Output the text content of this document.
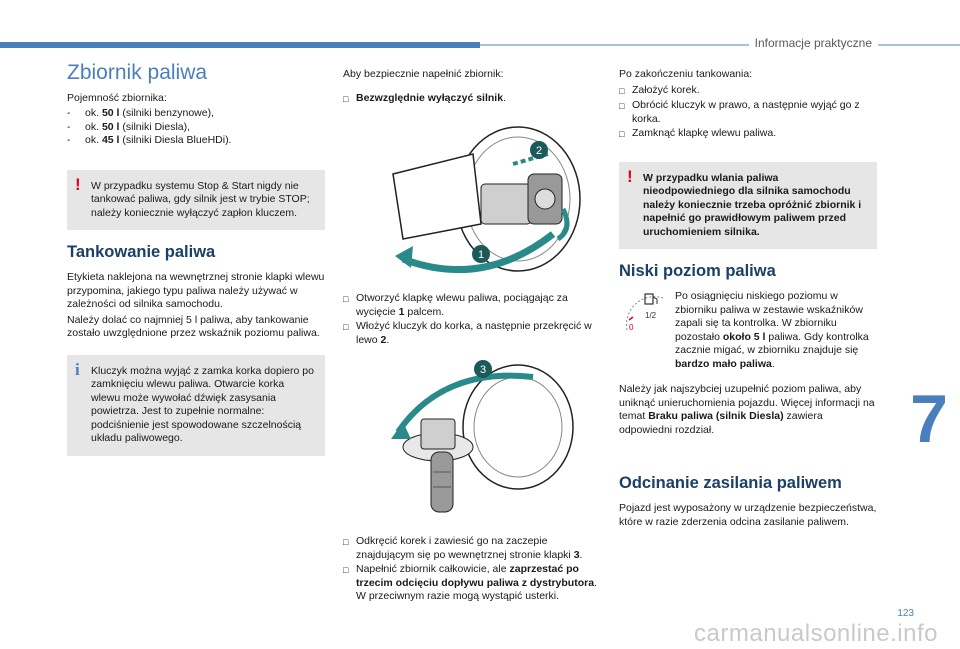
Informacje praktyczne
Zbiornik paliwa
Pojemność zbiornika:
-	ok. 50 l (silniki benzynowe),
-	ok. 50 l (silniki Diesla),
-	ok. 45 l (silniki Diesla BlueHDi).
! W przypadku systemu Stop & Start nigdy nie tankować paliwa, gdy silnik jest w trybie STOP; należy koniecznie wyłączyć zapłon kluczem.
Tankowanie paliwa
Etykieta naklejona na wewnętrznej stronie klapki wlewu przypomina, jakiego typu paliwa należy używać w zależności od silnika samochodu.
Należy dolać co najmniej 5 l paliwa, aby tankowanie zostało uwzględnione przez wskaźnik poziomu paliwa.
i Kluczyk można wyjąć z zamka korka dopiero po zamknięciu wlewu paliwa. Otwarcie korka wlewu może wywołać dźwięk zasysania powietrza. Jest to zupełnie normalne: podciśnienie jest spowodowane szczelnością układu paliwowego.
Aby bezpiecznie napełnić zbiornik:
□ Bezwzględnie wyłączyć silnik.
1
2
□ Otworzyć klapkę wlewu paliwa, pociągając za wycięcie 1 palcem.
□ Włożyć kluczyk do korka, a następnie przekręcić w lewo 2.
3
□ Odkręcić korek i zawiesić go na zaczepie znajdującym się po wewnętrznej stronie klapki 3.
□ Napełnić zbiornik całkowicie, ale zaprzestać po trzecim odcięciu dopływu paliwa z dystrybutora. W przeciwnym razie mogą wystąpić usterki.
Po zakończeniu tankowania:
□ Założyć korek.
□ Obrócić kluczyk w prawo, a następnie wyjąć go z korka.
□ Zamknąć klapkę wlewu paliwa.
! W przypadku wlania paliwa nieodpowiedniego dla silnika samochodu należy koniecznie trzeba opróżnić zbiornik i napełnić go prawidłowym paliwem przed uruchomieniem silnika.
Niski poziom paliwa
0
1/2
Po osiągnięciu niskiego poziomu w zbiorniku paliwa w zestawie wskaźników zapali się ta kontrolka. W zbiorniku pozostało około 5 l paliwa. Gdy kontrolka zacznie migać, w zbiorniku znajduje się bardzo mało paliwa.
Należy jak najszybciej uzupełnić poziom paliwa, aby uniknąć unieruchomienia pojazdu. Więcej informacji na temat Braku paliwa (silnik Diesla) zawiera odpowiedni rozdział.
Odcinanie zasilania paliwem
Pojazd jest wyposażony w urządzenie bezpieczeństwa, które w razie zderzenia odcina zasilanie paliwem.
7
123
carmanualsonline.info
